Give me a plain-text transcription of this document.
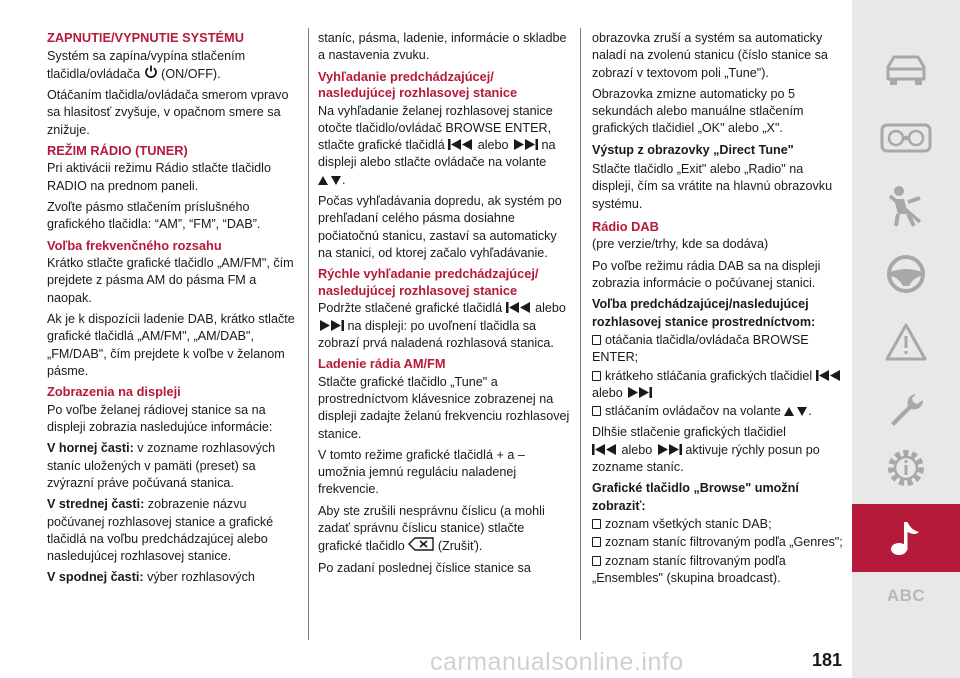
ZAPNUTIE/VYPNUTIE SYSTÉMU

Systém sa zapína/vypína stlačením tlačidla/ovládača (ON/OFF).

Otáčaním tlačidla/ovládača smerom vpravo sa hlasitosť zvyšuje, v opačnom smere sa znižuje.

REŽIM RÁDIO (TUNER)

Pri aktivácii režimu Rádio stlačte tlačidlo RADIO na prednom paneli.

Zvoľte pásmo stlačením príslušného grafického tlačidla: “AM”, “FM”, “DAB”.

Voľba frekvenčného rozsahu

Krátko stlačte grafické tlačidlo „AM/FM", čím prejdete z pásma AM do pásma FM a naopak.

Ak je k dispozícii ladenie DAB, krátko stlačte grafické tlačidlá „AM/FM", „AM/DAB", „FM/DAB", čím prejdete k voľbe v želanom pásme.

Zobrazenia na displeji

Po voľbe želanej rádiovej stanice sa na displeji zobrazia nasledujúce informácie:

V hornej časti: v zozname rozhlasových staníc uložených v pamäti (preset) sa zvýrazní práve počúvaná stanica.

V strednej časti: zobrazenie názvu počúvanej rozhlasovej stanice a grafické tlačidlá na voľbu predchádzajúcej alebo nasledujúcej rozhlasovej stanice.

V spodnej časti: výber rozhlasových

staníc, pásma, ladenie, informácie o skladbe a nastavenia zvuku.

Vyhľadanie predchádzajúcej/ nasledujúcej rozhlasovej stanice

Na vyhľadanie želanej rozhlasovej stanice otočte tlačidlo/ovládač BROWSE ENTER, stlačte grafické tlačidlá	alebo	na displeji alebo stlačte ovládače na volante .

Počas vyhľadávania dopredu, ak systém po prehľadaní celého pásma dosiahne počiatočnú stanicu, zastaví sa automaticky na stanici, od ktorej začalo vyhľadávanie.

Rýchle vyhľadanie predchádzajúcej/ nasledujúcej rozhlasovej stanice

Podržte stlačené grafické tlačidlá	alebo  na displeji: po uvoľnení tlačidla sa zobrazí prvá naladená rozhlasová stanica.

Ladenie rádia AM/FM

Stlačte grafické tlačidlo „Tune" a prostredníctvom klávesnice zobrazenej na displeji zadajte želanú frekvenciu rozhlasovej stanice.

V tomto režime grafické tlačidlá + a – umožnia jemnú reguláciu naladenej frekvencie.

Aby ste zrušili nesprávnu číslicu (a mohli zadať správnu číslicu stanice) stlačte grafické tlačidlo	(Zrušiť).

Po zadaní poslednej číslice stanice sa

obrazovka zruší a systém sa automaticky naladí na zvolenú stanicu (číslo stanice sa zobrazí v textovom poli „Tune").

Obrazovka zmizne automaticky po 5 sekundách alebo manuálne stlačením grafických tlačidiel „OK" alebo „X".

Výstup z obrazovky „Direct Tune"

Stlačte tlačidlo „Exit" alebo „Radio" na displeji, čím sa vrátite na hlavnú obrazovku systému.

Rádio DAB

(pre verzie/trhy, kde sa dodáva)

Po voľbe režimu rádia DAB sa na displeji zobrazia informácie o počúvanej stanici.

Voľba predchádzajúcej/nasledujúcej rozhlasovej stanice prostredníctvom:

otáčania tlačidla/ovládača BROWSE ENTER;
krátkeho stláčania grafických tlačidiel  alebo
stláčaním ovládačov na volante .

Dlhšie stlačenie grafických tlačidiel
alebo	aktivuje rýchly posun po zozname staníc.

Grafické tlačidlo „Browse" umožní zobraziť:

zoznam všetkých staníc DAB;
zoznam staníc filtrovaným podľa „Genres";
zoznam staníc filtrovaným podľa „Ensembles" (skupina broadcast).
ABC
carmanualsonline.info	181
